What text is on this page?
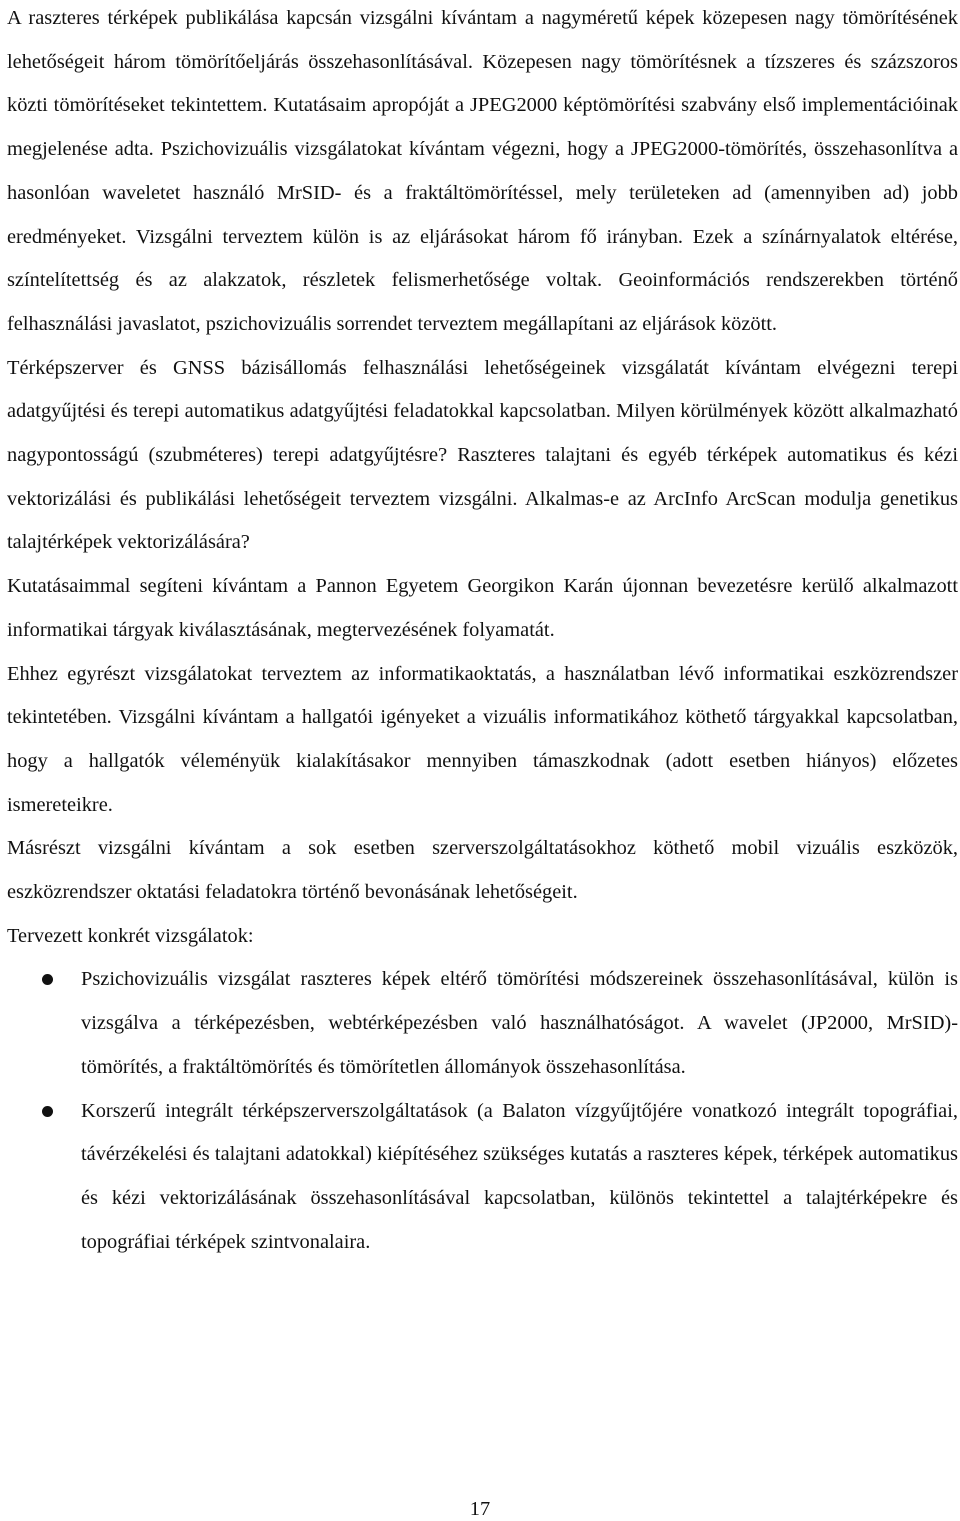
A raszteres térképek publikálása kapcsán vizsgálni kívántam a nagyméretű képek közepesen nagy tömörítésének lehetőségeit három tömörítőeljárás összehasonlításával. Közepesen nagy tömörítésnek a tízszeres és százszoros közti tömörítéseket tekintettem. Kutatásaim apropóját a JPEG2000 képtömörítési szabvány első implementációinak megjelenése adta. Pszichovizuális vizsgálatokat kívántam végezni, hogy a JPEG2000-tömörítés, összehasonlítva a hasonlóan waveletet használó MrSID- és a fraktáltömörítéssel, mely területeken ad (amennyiben ad) jobb eredményeket. Vizsgálni terveztem külön is az eljárásokat három fő irányban. Ezek a színárnyalatok eltérése, színtelítettség és az alakzatok, részletek felismerhetősége voltak. Geoinformációs rendszerekben történő felhasználási javaslatot, pszichovizuális sorrendet terveztem megállapítani az eljárások között.

Térképszerver és GNSS bázisállomás felhasználási lehetőségeinek vizsgálatát kívántam elvégezni terepi adatgyűjtési és terepi automatikus adatgyűjtési feladatokkal kapcsolatban. Milyen körülmények között alkalmazható nagypontosságú (szubméteres) terepi adatgyűjtésre? Raszteres talajtani és egyéb térképek automatikus és kézi vektorizálási és publikálási lehetőségeit terveztem vizsgálni. Alkalmas-e az ArcInfo ArcScan modulja genetikus talajtérképek vektorizálására?

Kutatásaimmal segíteni kívántam a Pannon Egyetem Georgikon Karán újonnan bevezetésre kerülő alkalmazott informatikai tárgyak kiválasztásának, megtervezésének folyamatát.

Ehhez egyrészt vizsgálatokat terveztem az informatikaoktatás, a használatban lévő informatikai eszközrendszer tekintetében. Vizsgálni kívántam a hallgatói igényeket a vizuális informatikához köthető tárgyakkal kapcsolatban, hogy a hallgatók véleményük kialakításakor mennyiben támaszkodnak (adott esetben hiányos) előzetes ismereteikre.

Másrészt vizsgálni kívántam a sok esetben szerverszolgáltatásokhoz köthető mobil vizuális eszközök, eszközrendszer oktatási feladatokra történő bevonásának lehetőségeit.

Tervezett konkrét vizsgálatok:

Pszichovizuális vizsgálat raszteres képek eltérő tömörítési módszereinek összehasonlításával, külön is vizsgálva a térképezésben, webtérképezésben való használhatóságot. A wavelet (JP2000, MrSID)-tömörítés, a fraktáltömörítés és tömörítetlen állományok összehasonlítása.
Korszerű integrált térképszerverszolgáltatások (a Balaton vízgyűjtőjére vonatkozó integrált topográfiai, távérzékelési és talajtani adatokkal) kiépítéséhez szükséges kutatás a raszteres képek, térképek automatikus és kézi vektorizálásának összehasonlításával kapcsolatban, különös tekintettel a talajtérképekre és topográfiai térképek szintvonalaira.
17
